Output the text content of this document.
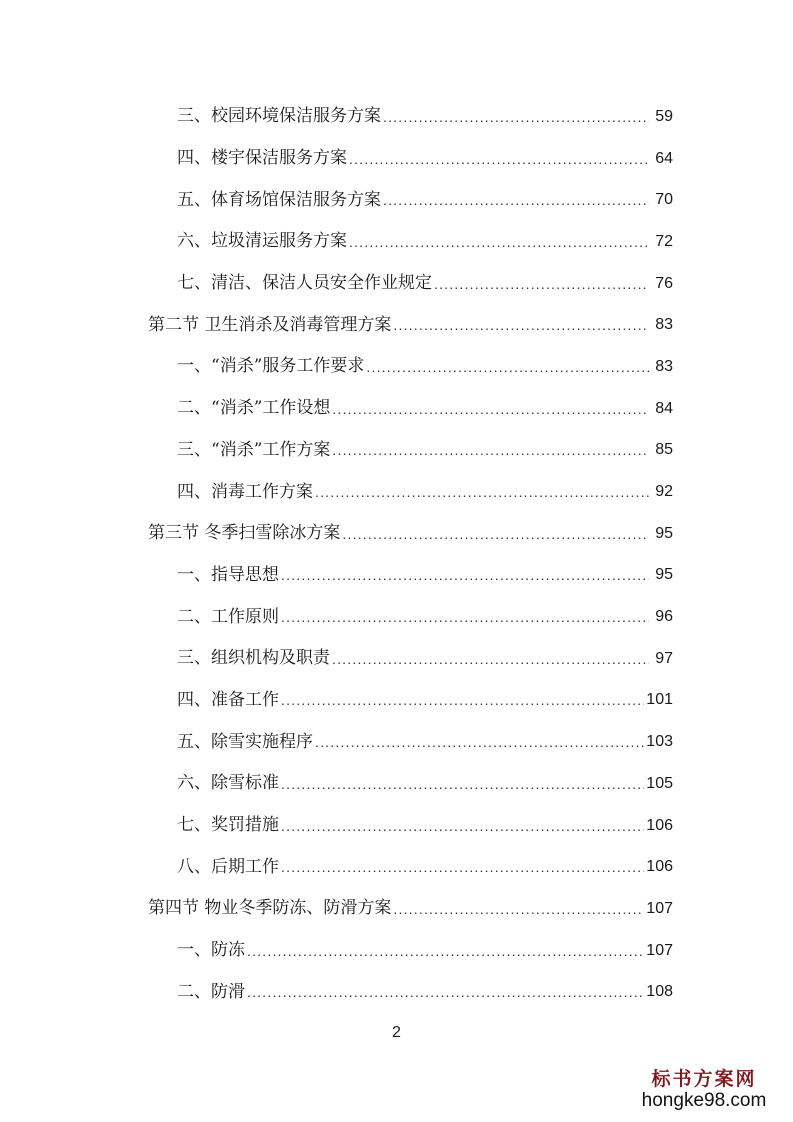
三、校园环境保洁服务方案 .....	59
四、楼宇保洁服务方案 .....	64
五、体育场馆保洁服务方案 .....	70
六、垃圾清运服务方案 .....	72
七、清洁、保洁人员安全作业规定 .....	76
第二节 卫生消杀及消毒管理方案 .....	83
一、“消杀”服务工作要求 .....	83
二、“消杀”工作设想 .....	84
三、“消杀”工作方案 .....	85
四、消毒工作方案 .....	92
第三节 冬季扫雪除冰方案 .....	95
一、指导思想 .....	95
二、工作原则 .....	96
三、组织机构及职责 .....	97
四、准备工作 .....	101
五、除雪实施程序 .....	103
六、除雪标准 .....	105
七、奖罚措施 .....	106
八、后期工作 .....	106
第四节 物业冬季防冻、防滑方案 .....	107
一、防冻 .....	107
二、防滑 .....	108
2
标书方案网
hongke98.com
